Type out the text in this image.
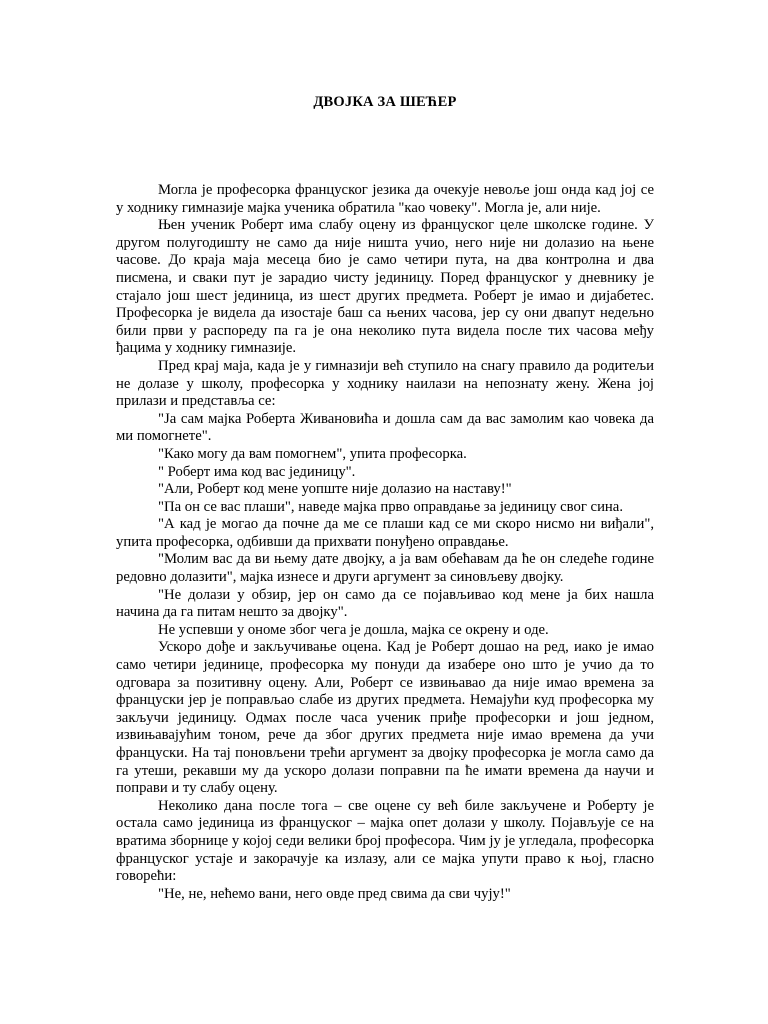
ДВОЈКА ЗА ШЕЋЕР

Могла је професорка француског језика да очекује невоље још онда кад јој се у ходнику гимназије мајка ученика обратила "као човеку". Могла је, али није.

Њен ученик Роберт има слабу оцену из француског целе школске године. У другом полугодишту не само да није ништа учио, него није ни долазио на њене часове. До краја маја месеца био је само четири пута, на два контролна и два писмена, и сваки пут је зарадио чисту јединицу. Поред француског у дневнику је стајало још шест јединица, из шест других предмета. Роберт је имао и дијабетес. Професорка је видела да изостаје баш са њених часова, јер су они двапут недељно били први у распореду па га је она неколико пута видела после тих часова међу ђацима у ходнику гимназије.

Пред крај маја, када је у гимназији већ ступило на снагу правило да родитељи не долазе у школу, професорка у ходнику наилази на непознату жену. Жена јој прилази и представља се:

"Ја сам мајка Роберта Живановића и дошла сам да вас замолим као човека да ми помогнете".

"Како могу да вам помогнем", упита професорка.

" Роберт има код вас јединицу".

"Али, Роберт код мене уопште није долазио на наставу!"

"Па он се вас плаши", наведе мајка прво оправдање за јединицу свог сина.

"А кад је могао да почне да ме се плаши кад се ми скоро нисмо ни виђали", упита професорка, одбивши да прихвати понуђено оправдање.

"Молим вас да ви њему дате двојку, а ја вам обећавам да ће он следеће године редовно долазити", мајка изнесе и други аргумент за синовљеву двојку.

"Не долази у обзир, јер он само да се појављивао код мене ја бих нашла начина да га питам нешто за двојку".

Не успевши у ономе због чега је дошла, мајка се окрену и оде.

Ускоро дође и закључивање оцена. Кад је Роберт дошао на ред, иако је имао само четири јединице, професорка му понуди да изабере оно што је учио да то одговара за позитивну оцену. Али, Роберт се извињавао да није имао времена за француски јер је поправљао слабе из других предмета. Немајући куд професорка му закључи јединицу. Одмах после часа ученик приђе професорки и још једном, извињавајућим тоном, рече да због других предмета није имао времена да учи француски. На тај поновљени трећи аргумент за двојку професорка је могла само да га утеши, рекавши му да ускоро долази поправни па ће имати времена да научи и поправи и ту слабу оцену.

Неколико дана после тога – све оцене су већ биле закључене и Роберту је остала само јединица из француског – мајка опет долази у школу. Појављује се на вратима зборнице у којој седи велики број професора. Чим ју је угледала, професорка француског устаје и закорачује ка излазу, али се мајка упути право к њој, гласно говорећи:

"Не, не, нећемо вани, него овде пред свима да сви чују!"
